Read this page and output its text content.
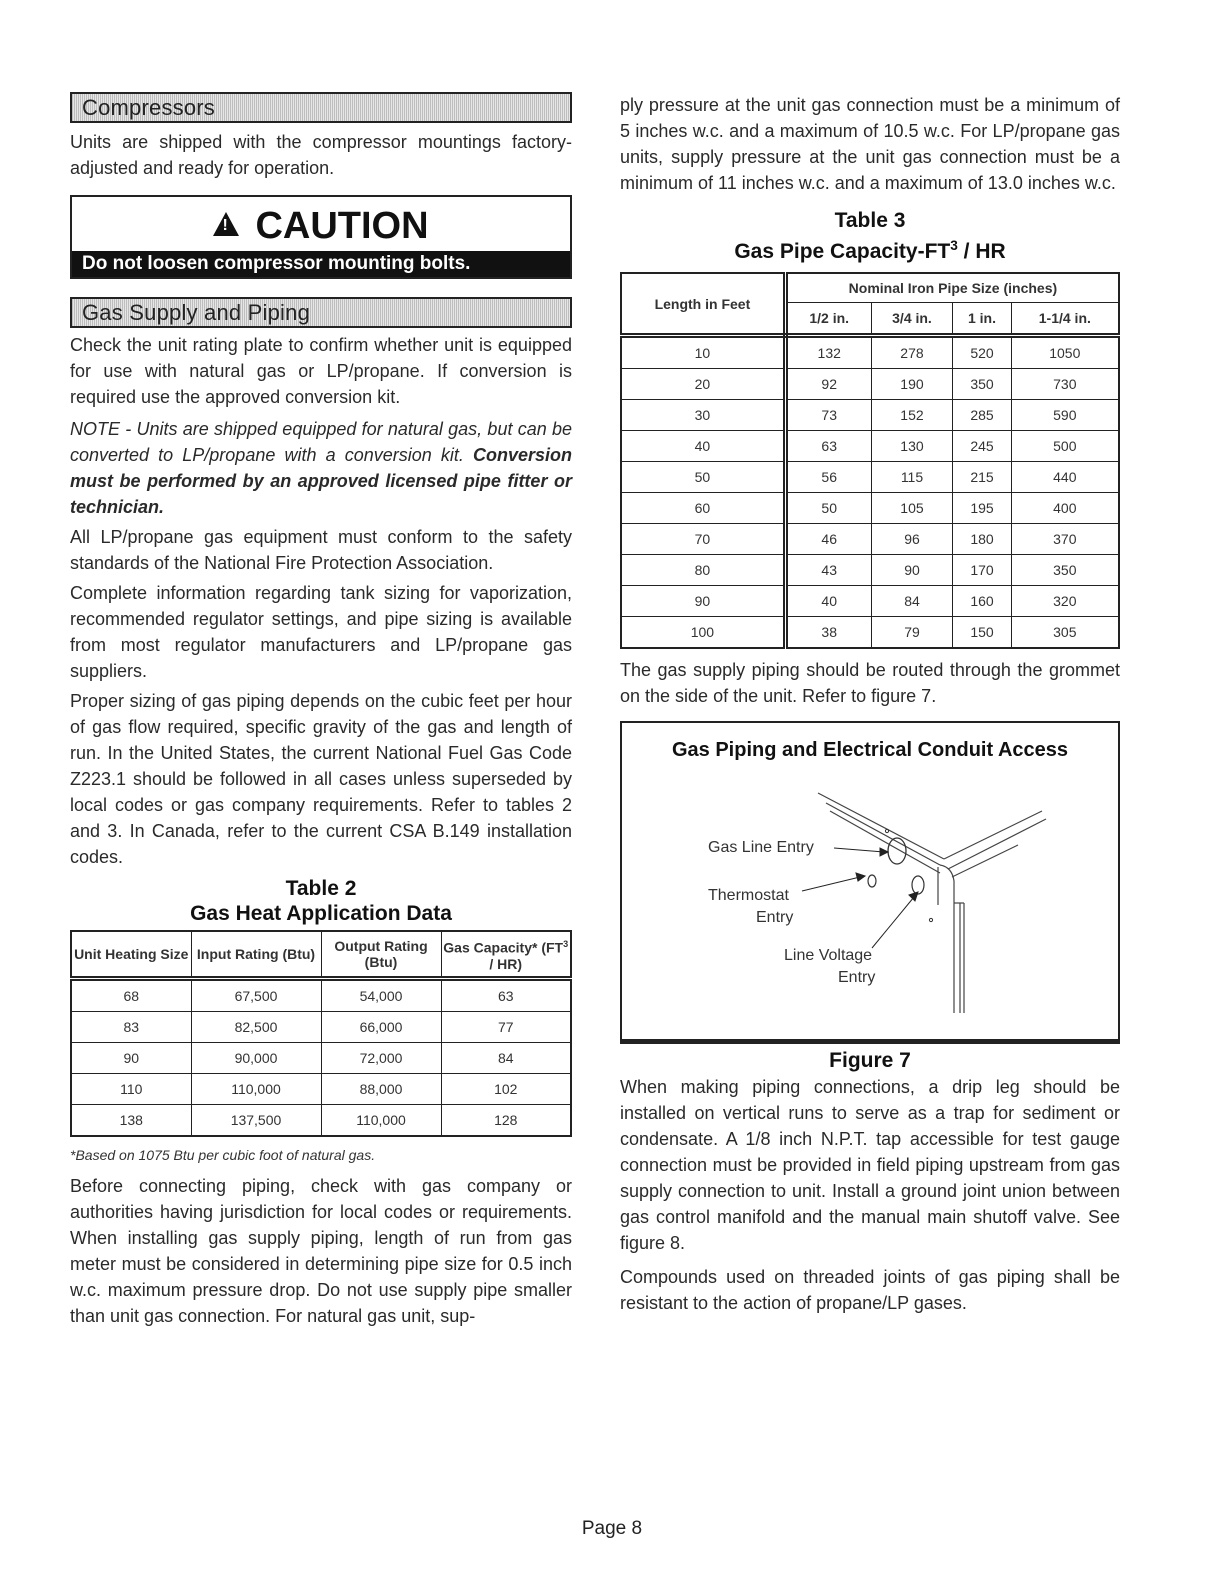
Compressors

Units are shipped with the compressor mountings factory-adjusted and ready for operation.

! CAUTION
Do not loosen compressor mounting bolts.
Gas Supply and Piping

Check the unit rating plate to confirm whether unit is equipped for use with natural gas or LP/propane. If conversion is required use the approved conversion kit.

NOTE - Units are shipped equipped for natural gas, but can be converted to LP/propane with a conversion kit. Conversion must be performed by an approved licensed pipe fitter or technician.

All LP/propane gas equipment must conform to the safety standards of the National Fire Protection Association.

Complete information regarding tank sizing for vaporization, recommended regulator settings, and pipe sizing is available from most regulator manufacturers and LP/propane gas suppliers.

Proper sizing of gas piping depends on the cubic feet per hour of gas flow required, specific gravity of the gas and length of run. In the United States, the current National Fuel Gas Code Z223.1 should be followed in all cases unless superseded by local codes or gas company requirements. Refer to tables 2 and 3. In Canada, refer to the current CSA B.149 installation codes.

Table 2
Gas Heat Application Data
Unit Heating Size	Input Rating (Btu)	Output Rating (Btu)	Gas Capacity* $(FT^3 / HR)$
68	67,500	54,000	63
83	82,500	66,000	77
90	90,000	72,000	84
110	110,000	88,000	102
138	137,500	110,000	128
*Based on 1075 Btu per cubic foot of natural gas.

Before connecting piping, check with gas company or authorities having jurisdiction for local codes or requirements. When installing gas supply piping, length of run from gas meter must be considered in determining pipe size for 0.5 inch w.c. maximum pressure drop. Do not use supply pipe smaller than unit gas connection. For natural gas unit, sup-

ply pressure at the unit gas connection must be a minimum of 5 inches w.c. and a maximum of 10.5 w.c. For LP/propane gas units, supply pressure at the unit gas connection must be a minimum of 11 inches w.c. and a maximum of 13.0 inches w.c.

Table 3
Gas Pipe Capacity-$FT^3$ / HR
Length in Feet	Nominal Iron Pipe Size (inches)			
	1/2 in.	3/4 in.	1 in.	1-1/4 in.
10	132	278	520	1050
20	92	190	350	730
30	73	152	285	590
40	63	130	245	500
50	56	115	215	440
60	50	105	195	400
70	46	96	180	370
80	43	90	170	350
90	40	84	160	320
100	38	79	150	305

The gas supply piping should be routed through the grommet on the side of the unit. Refer to figure 7.

Gas Piping and Electrical Conduit Access
Gas Line Entry
Thermostat
Entry
Line Voltage
Entry
Figure 7

When making piping connections, a drip leg should be installed on vertical runs to serve as a trap for sediment or condensate. A 1/8 inch N.P.T. tap accessible for test gauge connection must be provided in field piping upstream from gas supply connection to unit. Install a ground joint union between gas control manifold and the manual main shutoff valve. See figure 8.

Compounds used on threaded joints of gas piping shall be resistant to the action of propane/LP gases.

Page 8
